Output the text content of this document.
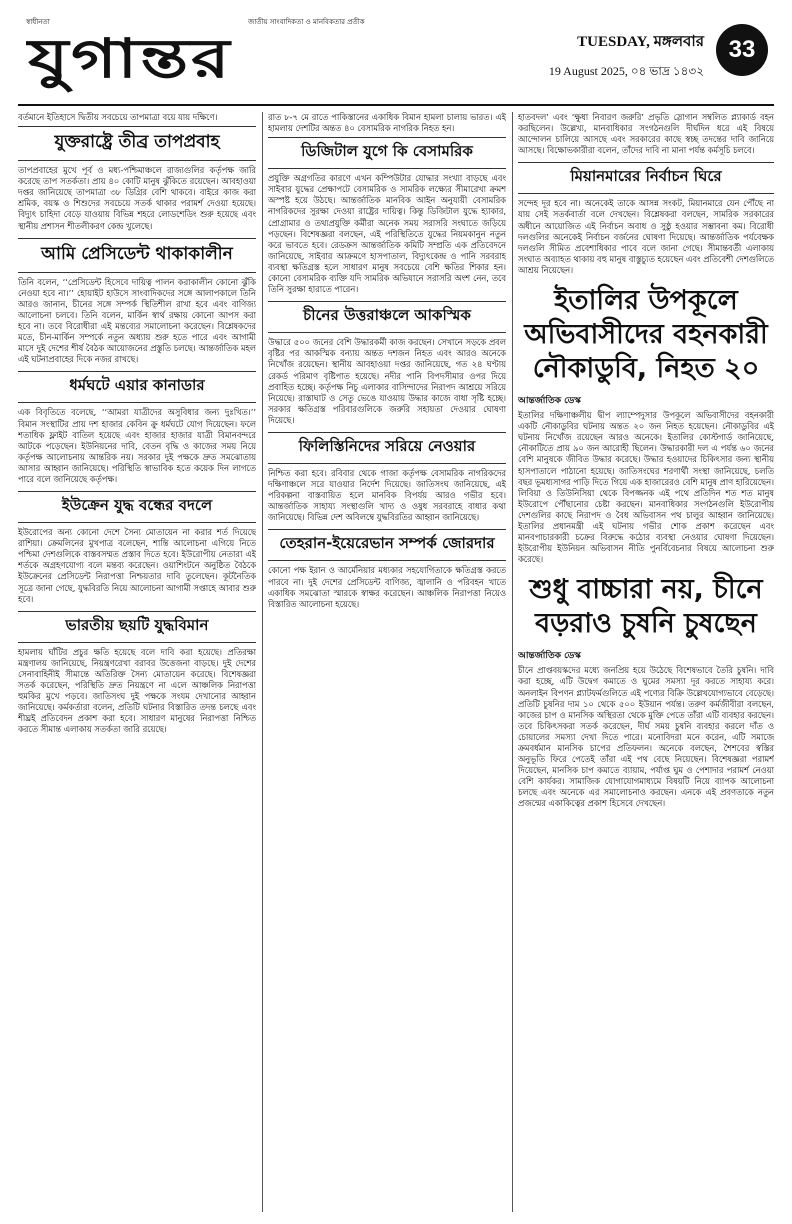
স্বাধীনতা	জাতীয় সাংবাদিকতা ও মানবিকতার প্রতীক
যুগান্তর	TUESDAY, মঙ্গলবার
19 August 2025, ০৪ ভাদ্র ১৪৩২
33
বর্তমানে ইতিহাসে দ্বিতীয় সবচেয়ে তাপমাত্রা বয়ে যায় দক্ষিণে।
যুক্তরাষ্ট্রে তীব্র তাপপ্রবাহ
তাপপ্রবাহের মুখে পূর্ব ও মধ্য-পশ্চিমাঞ্চলে রাজ্যগুলির কর্তৃপক্ষ জারি করেছে তাপ সতর্কতা। প্রায় ৪০ কোটি মানুষ ঝুঁকিতে রয়েছেন। আবহাওয়া দপ্তর জানিয়েছে তাপমাত্রা ৩৮ ডিগ্রির বেশি থাকবে। বাইরে কাজ করা শ্রমিক, বয়স্ক ও শিশুদের সবচেয়ে সতর্ক থাকার পরামর্শ দেওয়া হয়েছে। বিদ্যুৎ চাহিদা বেড়ে যাওয়ায় বিভিন্ন শহরে লোডশেডিং শুরু হয়েছে এবং স্থানীয় প্রশাসন শীতলীকরণ কেন্দ্র খুলেছে।
আমি প্রেসিডেন্ট থাকাকালীন
তিনি বলেন, ‘‘প্রেসিডেন্ট হিসেবে দায়িত্ব পালন করাকালীন কোনো ঝুঁকি নেওয়া হবে না।’’ হোয়াইট হাউসে সাংবাদিকদের সঙ্গে আলাপকালে তিনি আরও জানান, চীনের সঙ্গে সম্পর্ক স্থিতিশীল রাখা হবে এবং বাণিজ্য আলোচনা চলবে। তিনি বলেন, মার্কিন স্বার্থ রক্ষায় কোনো আপস করা হবে না। তবে বিরোধীরা এই মন্তব্যের সমালোচনা করেছেন। বিশ্লেষকদের মতে, চীন-মার্কিন সম্পর্কে নতুন অধ্যায় শুরু হতে পারে এবং আগামী মাসে দুই দেশের শীর্ষ বৈঠক আয়োজনের প্রস্তুতি চলছে। আন্তর্জাতিক মহল এই ঘটনাপ্রবাহের দিকে নজর রাখছে।
ধর্মঘটে এয়ার কানাডার
এক বিবৃতিতে বলেছে, ‘‘আমরা যাত্রীদের অসুবিধার জন্য দুঃখিত।’’ বিমান সংস্থাটির প্রায় দশ হাজার কেবিন ক্রু ধর্মঘটে যোগ দিয়েছেন। ফলে শতাধিক ফ্লাইট বাতিল হয়েছে এবং হাজার হাজার যাত্রী বিমানবন্দরে আটকে পড়েছেন। ইউনিয়নের দাবি, বেতন বৃদ্ধি ও কাজের সময় নিয়ে কর্তৃপক্ষ আলোচনায় আন্তরিক নয়। সরকার দুই পক্ষকে দ্রুত সমঝোতায় আসার আহ্বান জানিয়েছে। পরিস্থিতি স্বাভাবিক হতে কয়েক দিন লাগতে পারে বলে জানিয়েছে কর্তৃপক্ষ।
ইউক্রেন যুদ্ধ বন্ধের বদলে
ইউরোপের অন্য কোনো দেশে সৈন্য মোতায়েন না করার শর্ত দিয়েছে রাশিয়া। ক্রেমলিনের মুখপাত্র বলেছেন, শান্তি আলোচনা এগিয়ে নিতে পশ্চিমা দেশগুলিকে বাস্তবসম্মত প্রস্তাব দিতে হবে। ইউরোপীয় নেতারা এই শর্তকে অগ্রহণযোগ্য বলে মন্তব্য করেছেন। ওয়াশিংটনে অনুষ্ঠিত বৈঠকে ইউক্রেনের প্রেসিডেন্ট নিরাপত্তা নিশ্চয়তার দাবি তুলেছেন। কূটনৈতিক সূত্রে জানা গেছে, যুদ্ধবিরতি নিয়ে আলোচনা আগামী সপ্তাহে আবার শুরু হবে।
ভারতীয় ছয়টি যুদ্ধবিমান
হামলায় ঘাঁটির প্রচুর ক্ষতি হয়েছে বলে দাবি করা হয়েছে। প্রতিরক্ষা মন্ত্রণালয় জানিয়েছে, নিয়ন্ত্রণরেখা বরাবর উত্তেজনা বাড়ছে। দুই দেশের সেনাবাহিনীই সীমান্তে অতিরিক্ত সৈন্য মোতায়েন করেছে। বিশেষজ্ঞরা সতর্ক করেছেন, পরিস্থিতি দ্রুত নিয়ন্ত্রণে না এলে আঞ্চলিক নিরাপত্তা হুমকির মুখে পড়বে। জাতিসংঘ দুই পক্ষকে সংযম দেখানোর আহ্বান জানিয়েছে। কর্মকর্তারা বলেন, প্রতিটি ঘটনার বিস্তারিত তদন্ত চলছে এবং শীঘ্রই প্রতিবেদন প্রকাশ করা হবে। সাধারণ মানুষের নিরাপত্তা নিশ্চিত করতে সীমান্ত এলাকায় সতর্কতা জারি রয়েছে।
রাত ৮-৭ মে রাতে পাকিস্তানের একাধিক বিমান হামলা চালায় ভারত। এই হামলায় দেশটির অন্তত ৪০ বেসামরিক নাগরিক নিহত হন।
ডিজিটাল যুগে কি বেসামরিক
প্রযুক্তি অগ্রগতির কারণে এখন কম্পিউটার যোদ্ধার সংখ্যা বাড়ছে এবং সাইবার যুদ্ধের প্রেক্ষাপটে বেসামরিক ও সামরিক লক্ষ্যের সীমারেখা ক্রমশ অস্পষ্ট হয়ে উঠছে। আন্তর্জাতিক মানবিক আইন অনুযায়ী বেসামরিক নাগরিকদের সুরক্ষা দেওয়া রাষ্ট্রের দায়িত্ব। কিন্তু ডিজিটাল যুদ্ধে হ্যাকার, প্রোগ্রামার ও তথ্যপ্রযুক্তি কর্মীরা অনেক সময় সরাসরি সংঘাতে জড়িয়ে পড়ছেন। বিশেষজ্ঞরা বলছেন, এই পরিস্থিতিতে যুদ্ধের নিয়মকানুন নতুন করে ভাবতে হবে। রেডক্রস আন্তর্জাতিক কমিটি সম্প্রতি এক প্রতিবেদনে জানিয়েছে, সাইবার আক্রমণে হাসপাতাল, বিদ্যুৎকেন্দ্র ও পানি সরবরাহ ব্যবস্থা ক্ষতিগ্রস্ত হলে সাধারণ মানুষ সবচেয়ে বেশি ক্ষতির শিকার হন। কোনো বেসামরিক ব্যক্তি যদি সামরিক অভিযানে সরাসরি অংশ নেন, তবে তিনি সুরক্ষা হারাতে পারেন।
চীনের উত্তরাঞ্চলে আকস্মিক
উদ্ধারে ৫০০ জনের বেশি উদ্ধারকর্মী কাজ করছেন। সেখানে সড়কে প্রবল বৃষ্টির পর আকস্মিক বন্যায় অন্তত দশজন নিহত এবং আরও অনেকে নিখোঁজ রয়েছেন। স্থানীয় আবহাওয়া দপ্তর জানিয়েছে, গত ২৪ ঘণ্টায় রেকর্ড পরিমাণ বৃষ্টিপাত হয়েছে। নদীর পানি বিপদসীমার ওপর দিয়ে প্রবাহিত হচ্ছে। কর্তৃপক্ষ নিচু এলাকার বাসিন্দাদের নিরাপদ আশ্রয়ে সরিয়ে নিয়েছে। রাস্তাঘাট ও সেতু ভেঙে যাওয়ায় উদ্ধার কাজে বাধা সৃষ্টি হচ্ছে। সরকার ক্ষতিগ্রস্ত পরিবারগুলিকে জরুরি সহায়তা দেওয়ার ঘোষণা দিয়েছে।
ফিলিস্তিনিদের সরিয়ে নেওয়ার
নিশ্চিত করা হবে। রবিবার থেকে গাজা কর্তৃপক্ষ বেসামরিক নাগরিকদের দক্ষিণাঞ্চলে সরে যাওয়ার নির্দেশ দিয়েছে। জাতিসংঘ জানিয়েছে, এই পরিকল্পনা বাস্তবায়িত হলে মানবিক বিপর্যয় আরও গভীর হবে। আন্তর্জাতিক সাহায্য সংস্থাগুলি খাদ্য ও ওষুধ সরবরাহে বাধার কথা জানিয়েছে। বিভিন্ন দেশ অবিলম্বে যুদ্ধবিরতির আহ্বান জানিয়েছে।
তেহরান-ইয়েরেভান সম্পর্ক জোরদার
কোনো পক্ষ ইরান ও আর্মেনিয়ার মধ্যকার সহযোগিতাকে ক্ষতিগ্রস্ত করতে পারবে না। দুই দেশের প্রেসিডেন্ট বাণিজ্য, জ্বালানি ও পরিবহন খাতে একাধিক সমঝোতা স্মারকে স্বাক্ষর করেছেন। আঞ্চলিক নিরাপত্তা নিয়েও বিস্তারিত আলোচনা হয়েছে।
হাতবদল’ এবং ‘ক্ষুধা নিবারণ জরুরি’ প্রভৃতি স্লোগান সম্বলিত প্ল্যাকার্ড বহন করছিলেন। উল্লেখ্য, মানবাধিকার সংগঠনগুলি দীর্ঘদিন ধরে এই বিষয়ে আন্দোলন চালিয়ে আসছে এবং সরকারের কাছে স্বচ্ছ তদন্তের দাবি জানিয়ে আসছে। বিক্ষোভকারীরা বলেন, তাঁদের দাবি না মানা পর্যন্ত কর্মসূচি চলবে।
মিয়ানমারের নির্বাচন ঘিরে
সন্দেহ দূর হবে না। অনেকেই তাকে আসন্ন সংকট, মিয়ানমারে যেন পৌঁছে না যায় সেই সতর্কবার্তা বলে দেখছেন। বিশ্লেষকরা বলছেন, সামরিক সরকারের অধীনে আয়োজিত এই নির্বাচন অবাধ ও সুষ্ঠু হওয়ার সম্ভাবনা কম। বিরোধী দলগুলির অনেকেই নির্বাচন বর্জনের ঘোষণা দিয়েছে। আন্তর্জাতিক পর্যবেক্ষক দলগুলি সীমিত প্রবেশাধিকার পাবে বলে জানা গেছে। সীমান্তবর্তী এলাকায় সংঘাত অব্যাহত থাকায় বহু মানুষ বাস্তুচ্যুত হয়েছেন এবং প্রতিবেশী দেশগুলিতে আশ্রয় নিয়েছেন।
ইতালির উপকূলে অভিবাসীদের বহনকারী নৌকাডুবি, নিহত ২০
আন্তর্জাতিক ডেস্ক
ইতালির দক্ষিণাঞ্চলীয় দ্বীপ ল্যাম্পেদুসার উপকূলে অভিবাসীদের বহনকারী একটি নৌকাডুবির ঘটনায় অন্তত ২০ জন নিহত হয়েছেন। নৌকাডুবির এই ঘটনায় নিখোঁজ রয়েছেন আরও অনেকে। ইতালির কোস্টগার্ড জানিয়েছে, নৌকাটিতে প্রায় ৯০ জন আরোহী ছিলেন। উদ্ধারকারী দল এ পর্যন্ত ৬০ জনের বেশি মানুষকে জীবিত উদ্ধার করেছে। উদ্ধার হওয়াদের চিকিৎসার জন্য স্থানীয় হাসপাতালে পাঠানো হয়েছে। জাতিসংঘের শরণার্থী সংস্থা জানিয়েছে, চলতি বছর ভূমধ্যসাগর পাড়ি দিতে গিয়ে এক হাজারেরও বেশি মানুষ প্রাণ হারিয়েছেন। লিবিয়া ও তিউনিসিয়া থেকে বিপজ্জনক এই পথে প্রতিদিন শত শত মানুষ ইউরোপে পৌঁছানোর চেষ্টা করছেন। মানবাধিকার সংগঠনগুলি ইউরোপীয় দেশগুলির কাছে নিরাপদ ও বৈধ অভিবাসন পথ চালুর আহ্বান জানিয়েছে। ইতালির প্রধানমন্ত্রী এই ঘটনায় গভীর শোক প্রকাশ করেছেন এবং মানবপাচারকারী চক্রের বিরুদ্ধে কঠোর ব্যবস্থা নেওয়ার ঘোষণা দিয়েছেন। ইউরোপীয় ইউনিয়ন অভিবাসন নীতি পুনর্বিবেচনার বিষয়ে আলোচনা শুরু করেছে।
শুধু বাচ্চারা নয়, চীনে বড়রাও চুষনি চুষছেন
আন্তর্জাতিক ডেস্ক
চীনে প্রাপ্তবয়স্কদের মধ্যে জনপ্রিয় হয়ে উঠেছে বিশেষভাবে তৈরি চুষনি। দাবি করা হচ্ছে, এটি উদ্বেগ কমাতে ও ঘুমের সমস্যা দূর করতে সাহায্য করে। অনলাইন বিপণন প্ল্যাটফর্মগুলিতে এই পণ্যের বিক্রি উল্লেখযোগ্যভাবে বেড়েছে। প্রতিটি চুষনির দাম ১০ থেকে ৫০০ ইউয়ান পর্যন্ত। তরুণ কর্মজীবীরা বলছেন, কাজের চাপ ও মানসিক অস্থিরতা থেকে মুক্তি পেতে তাঁরা এটি ব্যবহার করছেন। তবে চিকিৎসকরা সতর্ক করেছেন, দীর্ঘ সময় চুষনি ব্যবহার করলে দাঁত ও চোয়ালের সমস্যা দেখা দিতে পারে। মনোবিদরা মনে করেন, এটি সমাজে ক্রমবর্ধমান মানসিক চাপের প্রতিফলন। অনেকে বলছেন, শৈশবের স্বস্তির অনুভূতি ফিরে পেতেই তাঁরা এই পথ বেছে নিয়েছেন। বিশেষজ্ঞরা পরামর্শ দিয়েছেন, মানসিক চাপ কমাতে ব্যায়াম, পর্যাপ্ত ঘুম ও পেশাদার পরামর্শ নেওয়া বেশি কার্যকর। সামাজিক যোগাযোগমাধ্যমে বিষয়টি নিয়ে ব্যাপক আলোচনা চলছে এবং অনেকে এর সমালোচনাও করছেন। এনকে এই প্রবণতাকে নতুন প্রজন্মের একাকিত্বের প্রকাশ হিসেবে দেখছেন।
